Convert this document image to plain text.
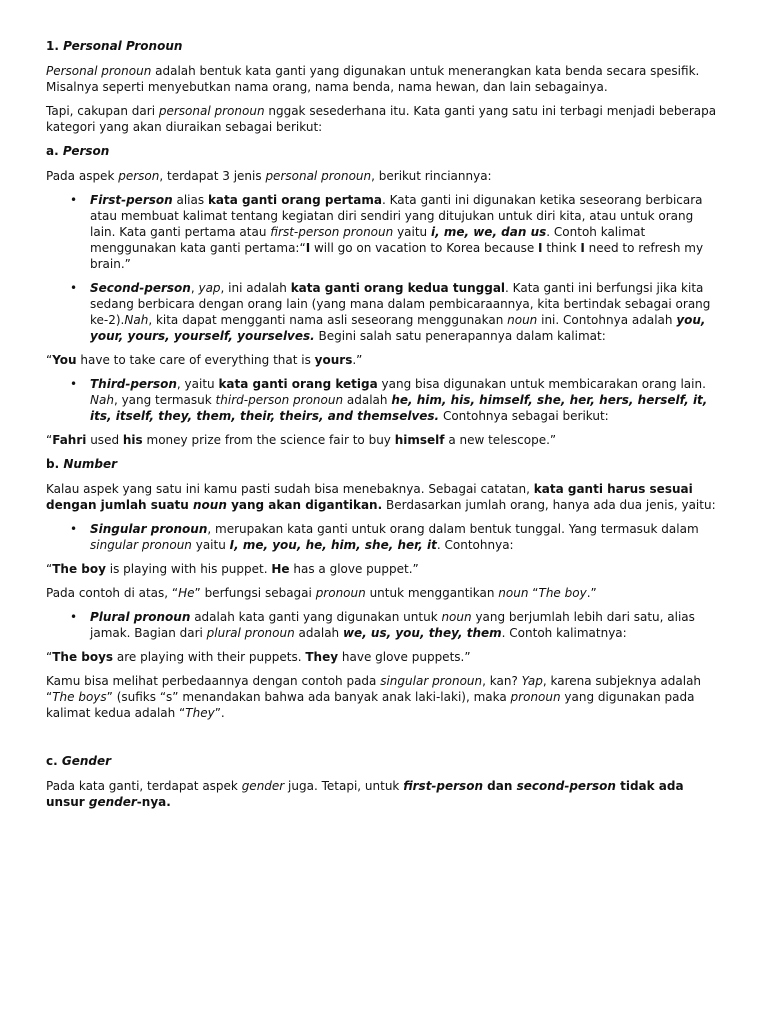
1. Personal Pronoun

Personal pronoun adalah bentuk kata ganti yang digunakan untuk menerangkan kata benda secara spesifik. Misalnya seperti menyebutkan nama orang, nama benda, nama hewan, dan lain sebagainya.

Tapi, cakupan dari personal pronoun nggak sesederhana itu. Kata ganti yang satu ini terbagi menjadi beberapa kategori yang akan diuraikan sebagai berikut:

a. Person

Pada aspek person, terdapat 3 jenis personal pronoun, berikut rinciannya:

• First-person alias kata ganti orang pertama. Kata ganti ini digunakan ketika seseorang berbicara atau membuat kalimat tentang kegiatan diri sendiri yang ditujukan untuk diri kita, atau untuk orang lain. Kata ganti pertama atau first-person pronoun yaitu i, me, we, dan us. Contoh kalimat menggunakan kata ganti pertama:“I will go on vacation to Korea because I think I need to refresh my brain.”
• Second-person, yap, ini adalah kata ganti orang kedua tunggal. Kata ganti ini berfungsi jika kita sedang berbicara dengan orang lain (yang mana dalam pembicaraannya, kita bertindak sebagai orang ke-2).Nah, kita dapat mengganti nama asli seseorang menggunakan noun ini. Contohnya adalah you, your, yours, yourself, yourselves. Begini salah satu penerapannya dalam kalimat:

“You have to take care of everything that is yours.”

• Third-person, yaitu kata ganti orang ketiga yang bisa digunakan untuk membicarakan orang lain. Nah, yang termasuk third-person pronoun adalah he, him, his, himself, she, her, hers, herself, it, its, itself, they, them, their, theirs, and themselves. Contohnya sebagai berikut:

“Fahri used his money prize from the science fair to buy himself a new telescope.”

b. Number

Kalau aspek yang satu ini kamu pasti sudah bisa menebaknya. Sebagai catatan, kata ganti harus sesuai dengan jumlah suatu noun yang akan digantikan. Berdasarkan jumlah orang, hanya ada dua jenis, yaitu:

• Singular pronoun, merupakan kata ganti untuk orang dalam bentuk tunggal. Yang termasuk dalam singular pronoun yaitu I, me, you, he, him, she, her, it. Contohnya:

“The boy is playing with his puppet. He has a glove puppet.”

Pada contoh di atas, “He” berfungsi sebagai pronoun untuk menggantikan noun “The boy.”

• Plural pronoun adalah kata ganti yang digunakan untuk noun yang berjumlah lebih dari satu, alias jamak. Bagian dari plural pronoun adalah we, us, you, they, them. Contoh kalimatnya:

“The boys are playing with their puppets. They have glove puppets.”

Kamu bisa melihat perbedaannya dengan contoh pada singular pronoun, kan? Yap, karena subjeknya adalah “The boys” (sufiks “s” menandakan bahwa ada banyak anak laki-laki), maka pronoun yang digunakan pada kalimat kedua adalah “They”.

c. Gender

Pada kata ganti, terdapat aspek gender juga. Tetapi, untuk first-person dan second-person tidak ada unsur gender-nya.
